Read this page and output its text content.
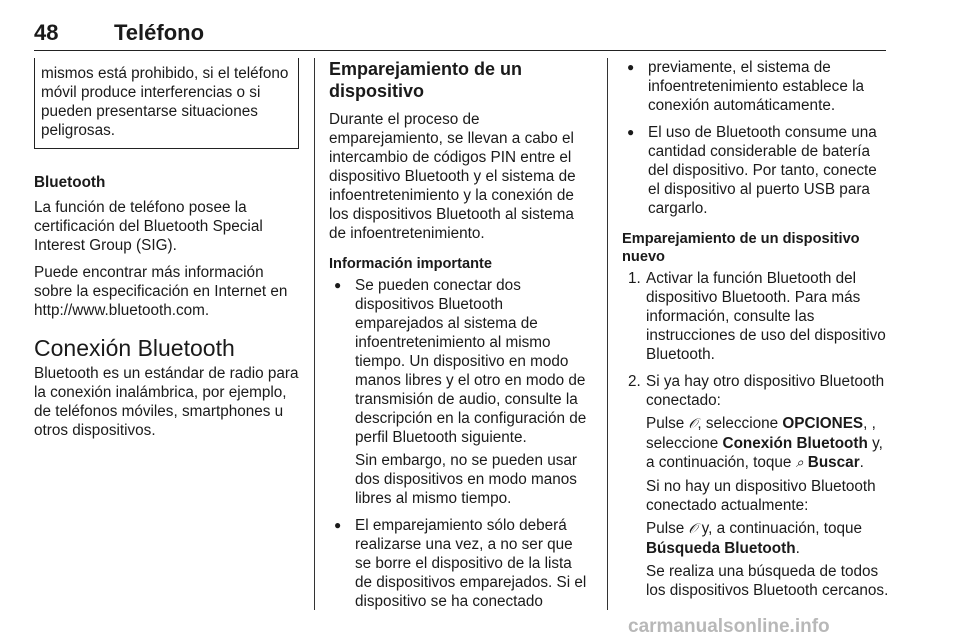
48	Teléfono
mismos está prohibido, si el teléfono móvil produce interferencias o si pueden presentarse situaciones peligrosas.
Bluetooth

La función de teléfono posee la certificación del Bluetooth Special Interest Group (SIG).

Puede encontrar más información sobre la especificación en Internet en http://www.bluetooth.com.

Conexión Bluetooth

Bluetooth es un estándar de radio para la conexión inalámbrica, por ejemplo, de teléfonos móviles, smartphones u otros dispositivos.

Emparejamiento de un dispositivo

Durante el proceso de emparejamiento, se llevan a cabo el intercambio de códigos PIN entre el dispositivo Bluetooth y el sistema de infoentretenimiento y la conexión de los dispositivos Bluetooth al sistema de infoentretenimiento.

Información importante
● Se pueden conectar dos dispositivos Bluetooth emparejados al sistema de infoentretenimiento al mismo tiempo. Un dispositivo en modo manos libres y el otro en modo de transmisión de audio, consulte la descripción en la configuración de perfil Bluetooth siguiente.

Sin embargo, no se pueden usar dos dispositivos en modo manos libres al mismo tiempo.

● El emparejamiento sólo deberá realizarse una vez, a no ser que se borre el dispositivo de la lista de dispositivos emparejados. Si el dispositivo se ha conectado
● previamente, el sistema de infoentretenimiento establece la conexión automáticamente.
● El uso de Bluetooth consume una cantidad considerable de batería del dispositivo. Por tanto, conecte el dispositivo al puerto USB para cargarlo.
Emparejamiento de un dispositivo nuevo
1. Activar la función Bluetooth del dispositivo Bluetooth. Para más información, consulte las instrucciones de uso del dispositivo Bluetooth.
2. Si ya hay otro dispositivo Bluetooth conectado:

Pulse 𝒪, seleccione OPCIONES, , seleccione Conexión Bluetooth y, a continuación, toque ⌕ Buscar.

Si no hay un dispositivo Bluetooth conectado actualmente:

Pulse 𝒪 y, a continuación, toque Búsqueda Bluetooth.

Se realiza una búsqueda de todos los dispositivos Bluetooth cercanos.

carmanualsonline.info
